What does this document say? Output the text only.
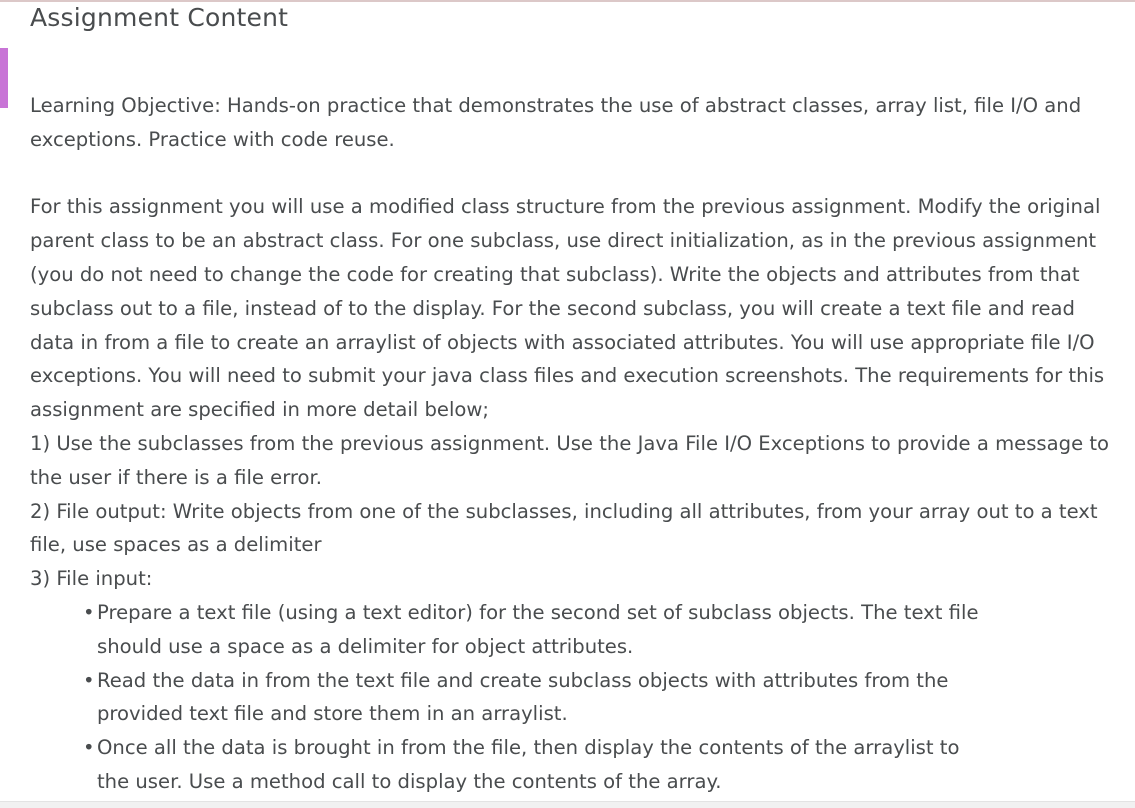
Assignment Content

Learning Objective: Hands-on practice that demonstrates the use of abstract classes, array list, file I/O and exceptions. Practice with code reuse.

For this assignment you will use a modified class structure from the previous assignment. Modify the original parent class to be an abstract class. For one subclass, use direct initialization, as in the previous assignment (you do not need to change the code for creating that subclass). Write the objects and attributes from that subclass out to a file, instead of to the display. For the second subclass, you will create a text file and read data in from a file to create an arraylist of objects with associated attributes. You will use appropriate file I/O exceptions. You will need to submit your java class files and execution screenshots. The requirements for this assignment are specified in more detail below;

1) Use the subclasses from the previous assignment. Use the Java File I/O Exceptions to provide a message to the user if there is a file error.

2) File output: Write objects from one of the subclasses, including all attributes, from your array out to a text file, use spaces as a delimiter

3) File input:

• Prepare a text file (using a text editor) for the second set of subclass objects. The text file should use a space as a delimiter for object attributes.
• Read the data in from the text file and create subclass objects with attributes from the provided text file and store them in an arraylist.
• Once all the data is brought in from the file, then display the contents of the arraylist to the user. Use a method call to display the contents of the array.
